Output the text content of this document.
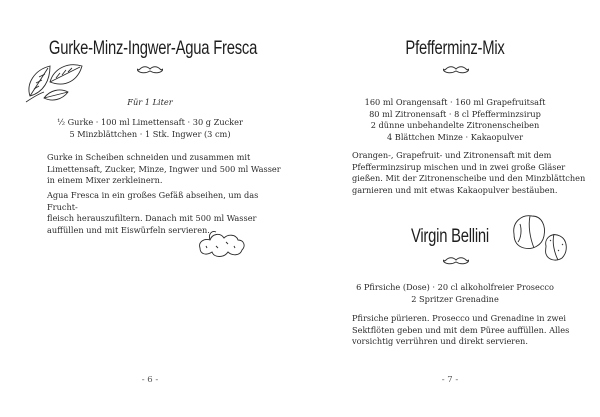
Gurke-Minz-Ingwer-Agua Fresca
Für 1 Liter
½ Gurke · 100 ml Limettensaft · 30 g Zucker
5 Minzblättchen · 1 Stk. Ingwer (3 cm)
Gurke in Scheiben schneiden und zusammen mit
Limettensaft, Zucker, Minze, Ingwer und 500 ml Wasser
in einem Mixer zerkleinern.
Agua Fresca in ein großes Gefäß abseihen, um das Frucht-
fleisch herauszufiltern. Danach mit 500 ml Wasser
auffüllen und mit Eiswürfeln servieren.
- 6 -
Pfefferminz-Mix
160 ml Orangensaft · 160 ml Grapefruitsaft
80 ml Zitronensaft · 8 cl Pfefferminzsirup
2 dünne unbehandelte Zitronenscheiben
4 Blättchen Minze · Kakaopulver
Orangen-, Grapefruit- und Zitronensaft mit dem
Pfefferminzsirup mischen und in zwei große Gläser
gießen. Mit der Zitronenscheibe und den Minzblättchen
garnieren und mit etwas Kakaopulver bestäuben.
Virgin Bellini
6 Pfirsiche (Dose) · 20 cl alkoholfreier Prosecco
2 Spritzer Grenadine
Pfirsiche pürieren. Prosecco und Grenadine in zwei
Sektflöten geben und mit dem Püree auffüllen. Alles
vorsichtig verrühren und direkt servieren.
- 7 -
